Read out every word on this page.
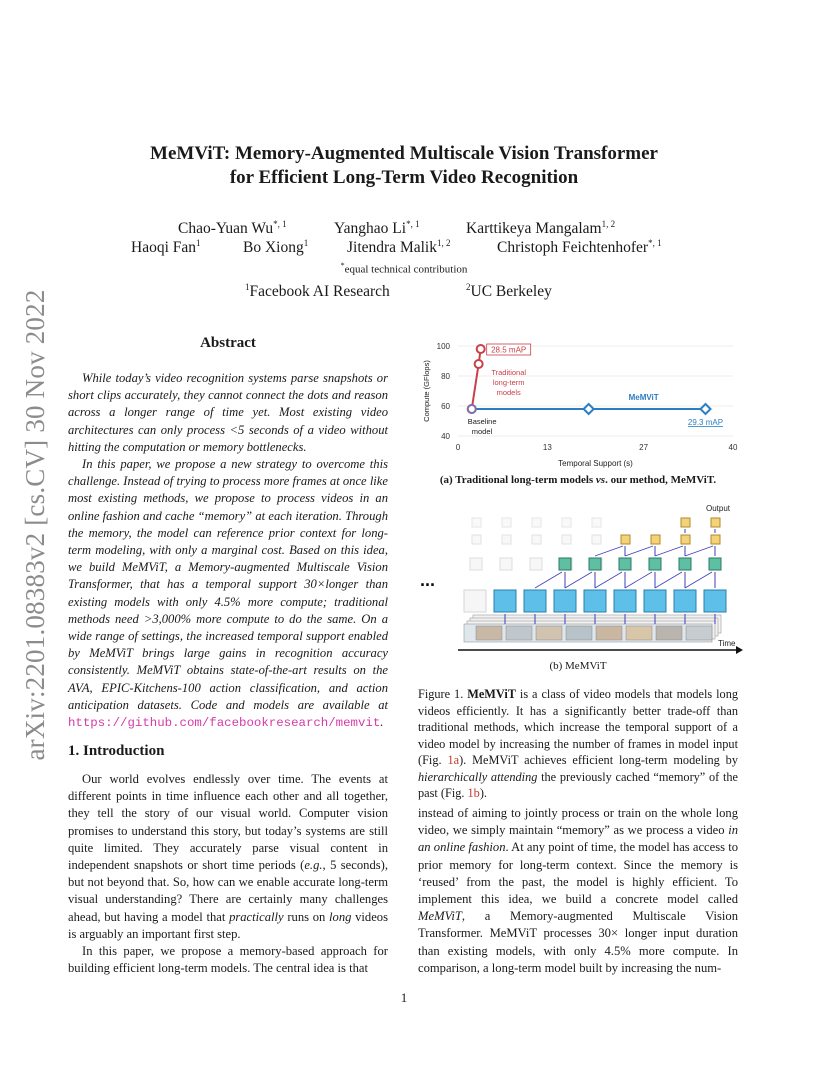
arXiv:2201.08383v2 [cs.CV] 30 Nov 2022
MeMViT: Memory-Augmented Multiscale Vision Transformer
for Efficient Long-Term Video Recognition
Chao-Yuan $Wu^{*, 1}$	Yanghao $Li^{*, 1}$	Karttikeya Mangalam$^{1, 2}$
Haoqi Fan$^1$	Bo Xiong$^1$	Jitendra Malik$^{1, 2}$	Christoph Feichtenhofer$^{*, 1}$
*equal technical contribution
$^1$Facebook AI Research	$^2$UC Berkeley
Abstract

While today’s video recognition systems parse snapshots or short clips accurately, they cannot connect the dots and reason across a longer range of time yet. Most existing video architectures can only process <5 seconds of a video without hitting the computation or memory bottlenecks.

In this paper, we propose a new strategy to overcome this challenge. Instead of trying to process more frames at once like most existing methods, we propose to process videos in an online fashion and cache “memory” at each iteration. Through the memory, the model can reference prior context for long-term modeling, with only a marginal cost. Based on this idea, we build MeMViT, a Memory-augmented Multiscale Vision Transformer, that has a temporal support 30×longer than existing models with only 4.5% more compute; traditional methods need >3,000% more compute to do the same. On a wide range of settings, the increased temporal support enabled by MeMViT brings large gains in recognition accuracy consistently. MeMViT obtains state-of-the-art results on the AVA, EPIC-Kitchens-100 action classification, and action anticipation datasets. Code and models are available at https://github.com/facebookresearch/memvit.

1. Introduction

Our world evolves endlessly over time. The events at different points in time influence each other and all together, they tell the story of our visual world. Computer vision promises to understand this story, but today’s systems are still quite limited. They accurately parse visual content in independent snapshots or short time periods (e.g., 5 seconds), but not beyond that. So, how can we enable accurate long-term visual understanding? There are certainly many challenges ahead, but having a model that practically runs on long videos is arguably an important first step.

In this paper, we propose a memory-based approach for building efficient long-term models. The central idea is that

40
60
80
100
0	13	27	40
Temporal Support (s)
Compute (GFlops)
28.5 mAP
Traditional
long-term
models
29.3 mAP
MeMViT
Baseline
model
(a) Traditional long-term models vs. our method, MeMViT.
Time
Output
...
(b) MeMViT
Figure 1. MeMViT is a class of video models that models long videos efficiently. It has a significantly better trade-off than traditional methods, which increase the temporal support of a video model by increasing the number of frames in model input (Fig. 1a). MeMViT achieves efficient long-term modeling by hierarchically attending the previously cached “memory” of the past (Fig. 1b).

instead of aiming to jointly process or train on the whole long video, we simply maintain “memory” as we process a video in an online fashion. At any point of time, the model has access to prior memory for long-term context. Since the memory is ‘reused’ from the past, the model is highly efficient. To implement this idea, we build a concrete model called MeMViT, a Memory-augmented Multiscale Vision Transformer. MeMViT processes 30× longer input duration than existing models, with only 4.5% more compute. In comparison, a long-term model built by increasing the num-

1
